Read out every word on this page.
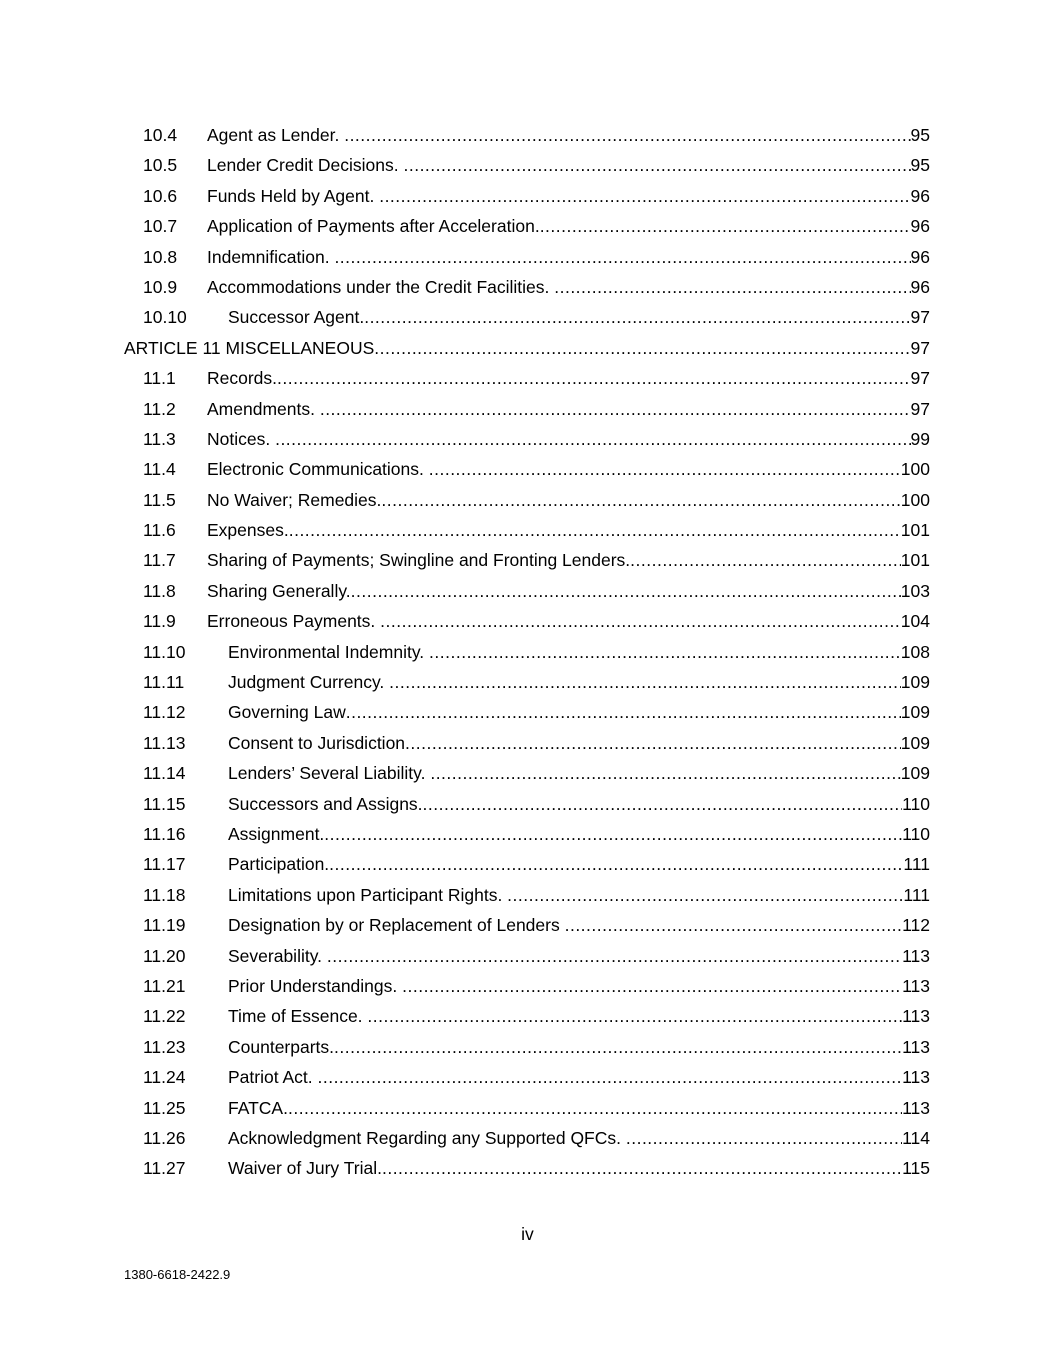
10.4 Agent as Lender. .....	95
10.5 Lender Credit Decisions. .....	95
10.6 Funds Held by Agent. .....	96
10.7 Application of Payments after Acceleration. .....	96
10.8 Indemnification. .....	96
10.9 Accommodations under the Credit Facilities. .....	96
10.10 Successor Agent. .....	97
ARTICLE 11 MISCELLANEOUS .....	97
11.1 Records. .....	97
11.2 Amendments. .....	97
11.3 Notices. .....	99
11.4 Electronic Communications. .....	100
11.5 No Waiver; Remedies. .....	100
11.6 Expenses. .....	101
11.7 Sharing of Payments; Swingline and Fronting Lenders. .....	101
11.8 Sharing Generally. .....	103
11.9 Erroneous Payments. .....	104
11.10 Environmental Indemnity. .....	108
11.11	Judgment Currency. .....	109
11.12 Governing Law .....	109
11.13 Consent to Jurisdiction .....	109
11.14 Lenders’ Several Liability. .....	109
11.15 Successors and Assigns. .....	110
11.16 Assignment. .....	110
11.17 Participation. .....	111
11.18 Limitations upon Participant Rights. .....	111
11.19 Designation by or Replacement of Lenders .....	112
11.20 Severability. .....	113
11.21 Prior Understandings. .....	113
11.22 Time of Essence. .....	113
11.23 Counterparts. .....	113
11.24 Patriot Act. .....	113
11.25 FATCA. .....	113
11.26 Acknowledgment Regarding any Supported QFCs. .....	114
11.27 Waiver of Jury Trial. .....	115
iv
1380-6618-2422.9
